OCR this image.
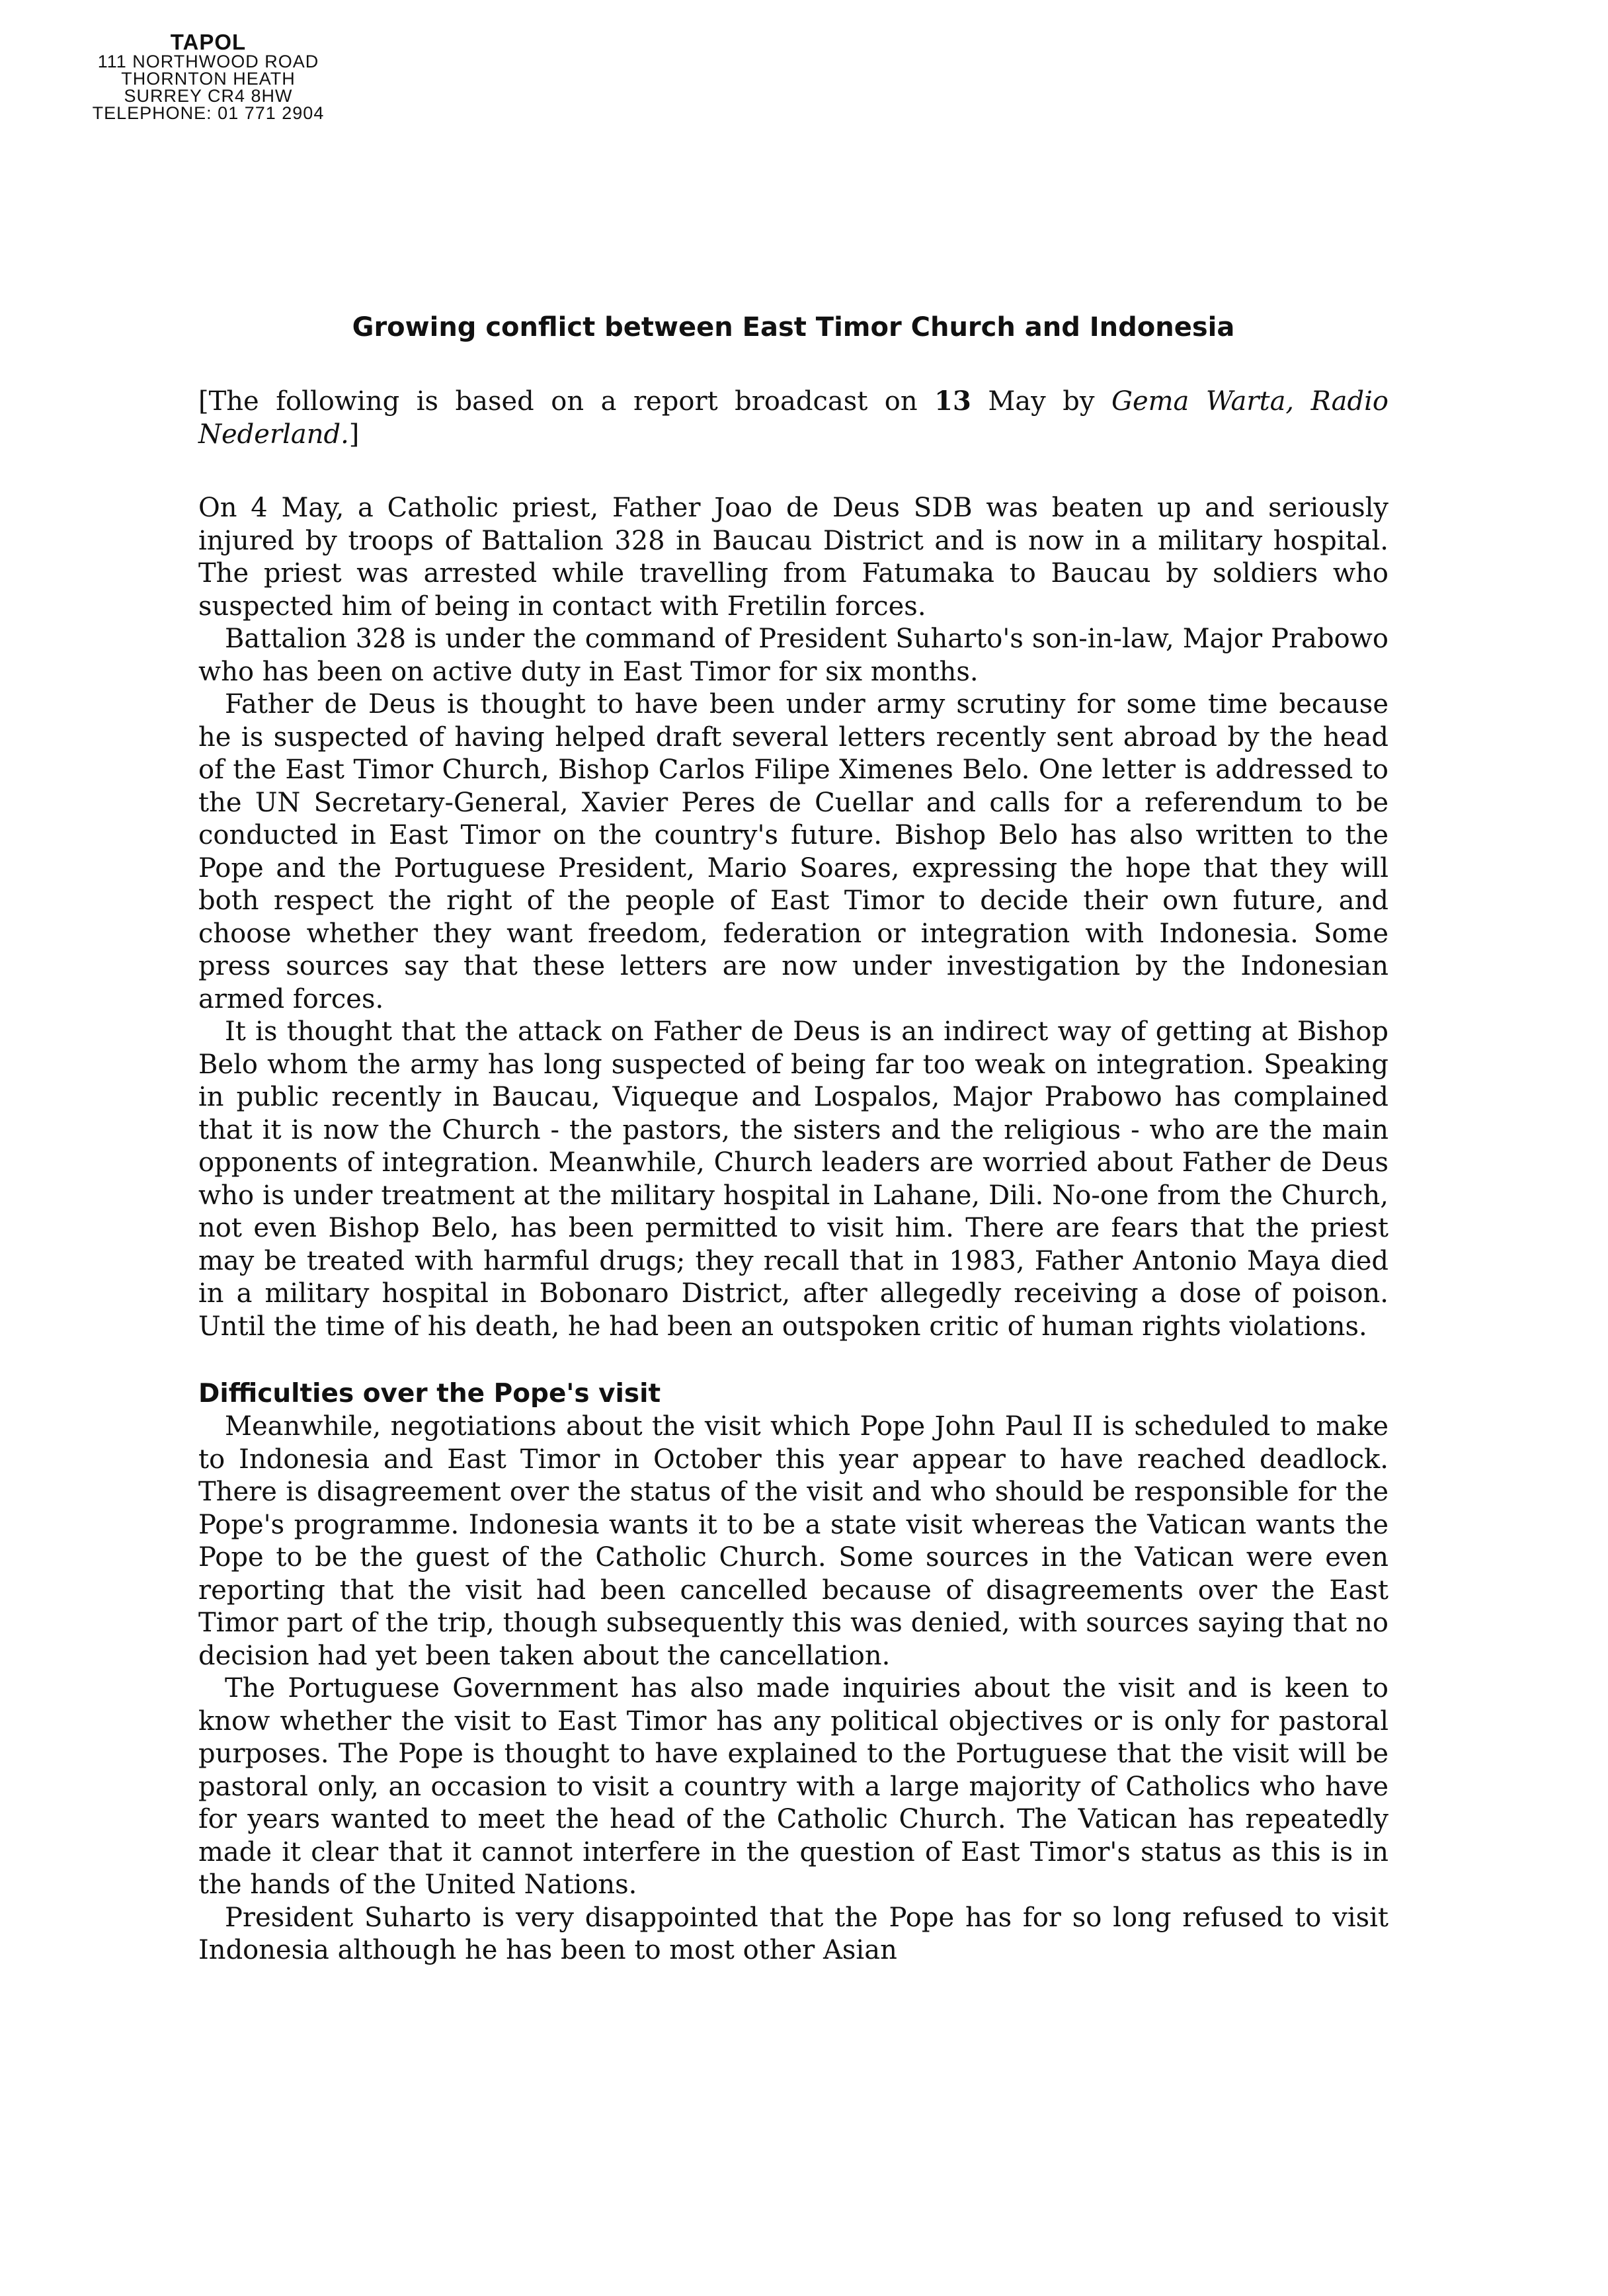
TAPOL
111 NORTHWOOD ROAD
THORNTON HEATH
SURREY CR4 8HW
TELEPHONE: 01 771 2904
Growing conflict between East Timor Church and Indonesia
[The following is based on a report broadcast on 13 May by Gema Warta, Radio Nederland.]

On 4 May, a Catholic priest, Father Joao de Deus SDB was beaten up and seriously injured by troops of Battalion 328 in Baucau District and is now in a military hospital. The priest was arrested while travelling from Fatumaka to Baucau by soldiers who suspected him of being in contact with Fretilin forces.

Battalion 328 is under the command of President Suharto's son-in-law, Major Prabowo who has been on active duty in East Timor for six months.

Father de Deus is thought to have been under army scrutiny for some time because he is suspected of having helped draft several letters recently sent abroad by the head of the East Timor Church, Bishop Carlos Filipe Ximenes Belo. One letter is addressed to the UN Secretary-General, Xavier Peres de Cuellar and calls for a referendum to be conducted in East Timor on the country's future. Bishop Belo has also written to the Pope and the Portuguese President, Mario Soares, expressing the hope that they will both respect the right of the people of East Timor to decide their own future, and choose whether they want freedom, federation or integration with Indonesia. Some press sources say that these letters are now under investigation by the Indonesian armed forces.

It is thought that the attack on Father de Deus is an indirect way of getting at Bishop Belo whom the army has long suspected of being far too weak on integration. Speaking in public recently in Baucau, Viqueque and Lospalos, Major Prabowo has complained that it is now the Church - the pastors, the sisters and the religious - who are the main opponents of integration. Meanwhile, Church leaders are worried about Father de Deus who is under treatment at the military hospital in Lahane, Dili. No-one from the Church, not even Bishop Belo, has been permitted to visit him. There are fears that the priest may be treated with harmful drugs; they recall that in 1983, Father Antonio Maya died in a military hospital in Bobonaro District, after allegedly receiving a dose of poison. Until the time of his death, he had been an outspoken critic of human rights violations.

Difficulties over the Pope's visit

Meanwhile, negotiations about the visit which Pope John Paul II is scheduled to make to Indonesia and East Timor in October this year appear to have reached deadlock. There is disagreement over the status of the visit and who should be responsible for the Pope's programme. Indonesia wants it to be a state visit whereas the Vatican wants the Pope to be the guest of the Catholic Church. Some sources in the Vatican were even reporting that the visit had been cancelled because of disagreements over the East Timor part of the trip, though subsequently this was denied, with sources saying that no decision had yet been taken about the cancellation.

The Portuguese Government has also made inquiries about the visit and is keen to know whether the visit to East Timor has any political objectives or is only for pastoral purposes. The Pope is thought to have explained to the Portuguese that the visit will be pastoral only, an occasion to visit a country with a large majority of Catholics who have for years wanted to meet the head of the Catholic Church. The Vatican has repeatedly made it clear that it cannot interfere in the question of East Timor's status as this is in the hands of the United Nations.

President Suharto is very disappointed that the Pope has for so long refused to visit Indonesia although he has been to most other Asian
